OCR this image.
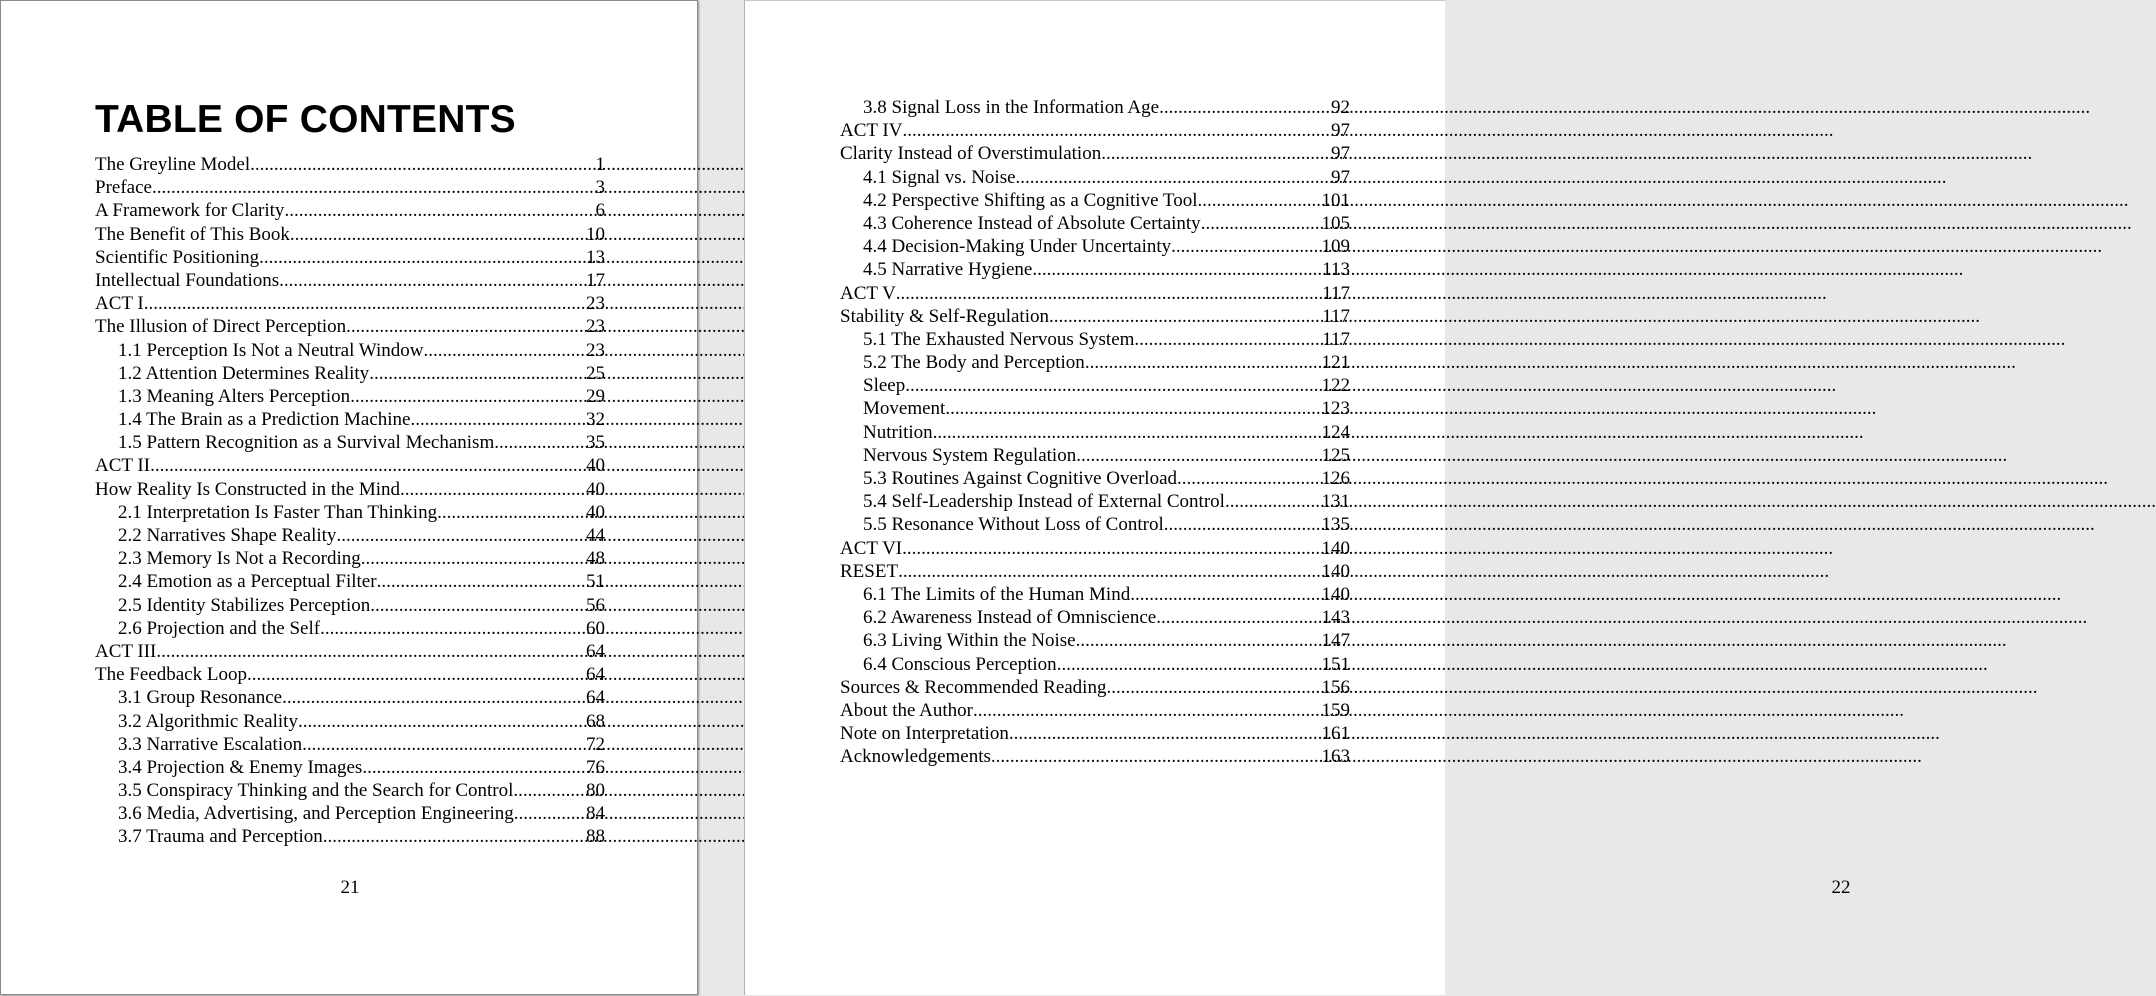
TABLE OF CONTENTS
The Greyline Model .....	1
Preface .....	3
A Framework for Clarity .....	6
The Benefit of This Book .....	10
Scientific Positioning .....	13
Intellectual Foundations .....	17
ACT I .....	23
The Illusion of Direct Perception .....	23
1.1 Perception Is Not a Neutral Window .....	23
1.2 Attention Determines Reality .....	25
1.3 Meaning Alters Perception .....	29
1.4 The Brain as a Prediction Machine .....	32
1.5 Pattern Recognition as a Survival Mechanism .....	35
ACT II .....	40
How Reality Is Constructed in the Mind .....	40
2.1 Interpretation Is Faster Than Thinking .....	40
2.2 Narratives Shape Reality .....	44
2.3 Memory Is Not a Recording .....	48
2.4 Emotion as a Perceptual Filter .....	51
2.5 Identity Stabilizes Perception .....	56
2.6 Projection and the Self .....	60
ACT III .....	64
The Feedback Loop .....	64
3.1 Group Resonance .....	64
3.2 Algorithmic Reality .....	68
3.3 Narrative Escalation .....	72
3.4 Projection & Enemy Images .....	76
3.5 Conspiracy Thinking and the Search for Control .....	80
3.6 Media, Advertising, and Perception Engineering .....	84
3.7 Trauma and Perception .....	88
21	22
3.8 Signal Loss in the Information Age .....	92
ACT IV .....	97
Clarity Instead of Overstimulation .....	97
4.1 Signal vs. Noise .....	97
4.2 Perspective Shifting as a Cognitive Tool .....	101
4.3 Coherence Instead of Absolute Certainty .....	105
4.4 Decision-Making Under Uncertainty .....	109
4.5 Narrative Hygiene .....	113
ACT V .....	117
Stability & Self-Regulation .....	117
5.1 The Exhausted Nervous System .....	117
5.2 The Body and Perception .....	121
Sleep .....	122
Movement .....	123
Nutrition .....	124
Nervous System Regulation .....	125
5.3 Routines Against Cognitive Overload .....	126
5.4 Self-Leadership Instead of External Control .....	131
5.5 Resonance Without Loss of Control .....	135
ACT VI .....	140
RESET .....	140
6.1 The Limits of the Human Mind .....	140
6.2 Awareness Instead of Omniscience .....	143
6.3 Living Within the Noise .....	147
6.4 Conscious Perception .....	151
Sources & Recommended Reading .....	156
About the Author .....	159
Note on Interpretation .....	161
Acknowledgements .....	163
